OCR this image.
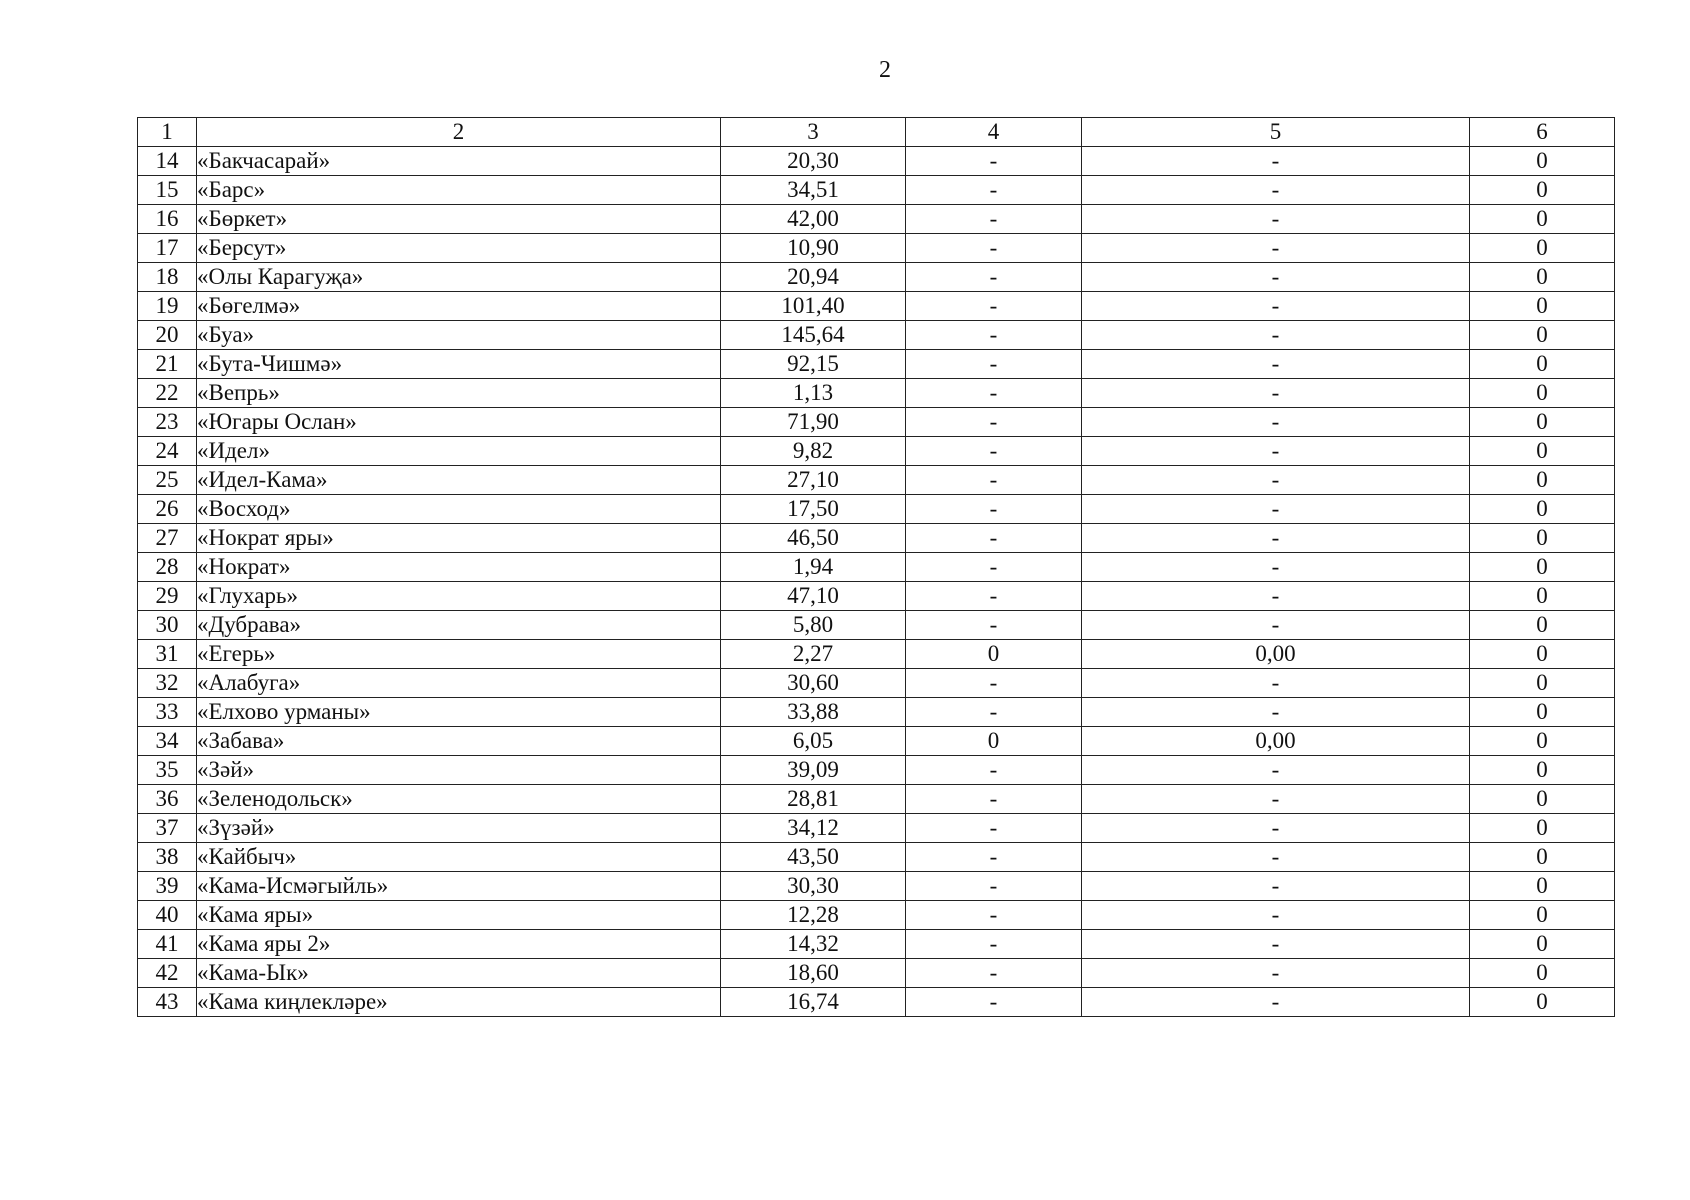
2
1	2	3	4	5	6
14	«Бакчасарай»	20,30	-	-	0
15	«Барс»	34,51	-	-	0
16	«Бөркет»	42,00	-	-	0
17	«Берсут»	10,90	-	-	0
18	«Олы Карагуҗа»	20,94	-	-	0
19	«Бөгелмә»	101,40	-	-	0
20	«Буа»	145,64	-	-	0
21	«Бута-Чишмә»	92,15	-	-	0
22	«Вепрь»	1,13	-	-	0
23	«Югары Ослан»	71,90	-	-	0
24	«Идел»	9,82	-	-	0
25	«Идел-Кама»	27,10	-	-	0
26	«Восход»	17,50	-	-	0
27	«Нократ яры»	46,50	-	-	0
28	«Нократ»	1,94	-	-	0
29	«Глухарь»	47,10	-	-	0
30	«Дубрава»	5,80	-	-	0
31	«Егерь»	2,27	0	0,00	0
32	«Алабуга»	30,60	-	-	0
33	«Елхово урманы»	33,88	-	-	0
34	«Забава»	6,05	0	0,00	0
35	«Зәй»	39,09	-	-	0
36	«Зеленодольск»	28,81	-	-	0
37	«Зүзәй»	34,12	-	-	0
38	«Кайбыч»	43,50	-	-	0
39	«Кама-Исмәгыйль»	30,30	-	-	0
40	«Кама яры»	12,28	-	-	0
41	«Кама яры 2»	14,32	-	-	0
42	«Кама-Ык»	18,60	-	-	0
43	«Кама киңлекләре»	16,74	-	-	0
